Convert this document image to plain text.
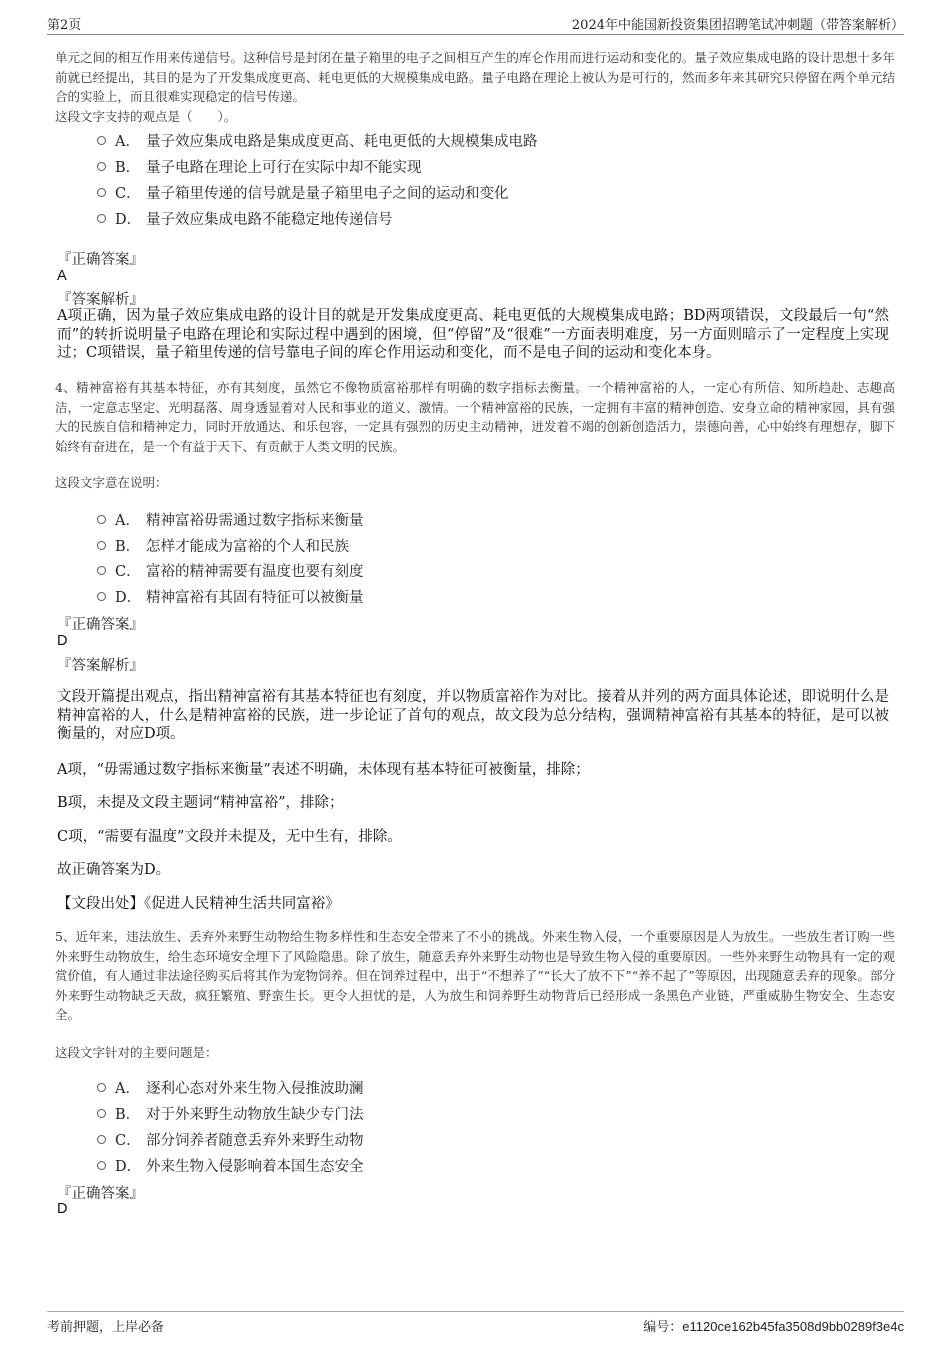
第2页	2024年中能国新投资集团招聘笔试冲刺题（带答案解析）
单元之间的相互作用来传递信号。这种信号是封闭在量子箱里的电子之间相互产生的库仑作用而进行运动和变化的。量子效应集成电路的设计思想十多年前就已经提出，其目的是为了开发集成度更高、耗电更低的大规模集成电路。量子电路在理论上被认为是可行的，然而多年来其研究只停留在两个单元结合的实验上，而且很难实现稳定的信号传递。
这段文字支持的观点是（　　）。
A． 量子效应集成电路是集成度更高、耗电更低的大规模集成电路
B． 量子电路在理论上可行在实际中却不能实现
C． 量子箱里传递的信号就是量子箱里电子之间的运动和变化
D． 量子效应集成电路不能稳定地传递信号
『正确答案』
A
『答案解析』
A项正确，因为量子效应集成电路的设计目的就是开发集成度更高、耗电更低的大规模集成电路；BD两项错误，文段最后一句“然而”的转折说明量子电路在理论和实际过程中遇到的困境，但“停留”及“很难”一方面表明难度，另一方面则暗示了一定程度上实现过；C项错误，量子箱里传递的信号靠电子间的库仑作用运动和变化，而不是电子间的运动和变化本身。
4、精神富裕有其基本特征，亦有其刻度，虽然它不像物质富裕那样有明确的数字指标去衡量。一个精神富裕的人，一定心有所信、知所趋赴、志趣高洁，一定意志坚定、光明磊落、周身透显着对人民和事业的道义、激情。一个精神富裕的民族，一定拥有丰富的精神创造、安身立命的精神家园，具有强大的民族自信和精神定力，同时开放通达、和乐包容，一定具有强烈的历史主动精神，迸发着不竭的创新创造活力，崇德向善，心中始终有理想存，脚下始终有奋进在，是一个有益于天下、有贡献于人类文明的民族。
这段文字意在说明：
A． 精神富裕毋需通过数字指标来衡量
B． 怎样才能成为富裕的个人和民族
C． 富裕的精神需要有温度也要有刻度
D． 精神富裕有其固有特征可以被衡量
『正确答案』
D
『答案解析』
文段开篇提出观点，指出精神富裕有其基本特征也有刻度，并以物质富裕作为对比。接着从并列的两方面具体论述，即说明什么是精神富裕的人，什么是精神富裕的民族，进一步论证了首句的观点，故文段为总分结构，强调精神富裕有其基本的特征，是可以被衡量的，对应D项。
A项，“毋需通过数字指标来衡量”表述不明确，未体现有基本特征可被衡量，排除；
B项，未提及文段主题词“精神富裕”，排除；
C项，“需要有温度”文段并未提及，无中生有，排除。
故正确答案为D。
【文段出处】《促进人民精神生活共同富裕》
5、近年来，违法放生、丢弃外来野生动物给生物多样性和生态安全带来了不小的挑战。外来生物入侵，一个重要原因是人为放生。一些放生者订购一些外来野生动物放生，给生态环境安全埋下了风险隐患。除了放生，随意丢弃外来野生动物也是导致生物入侵的重要原因。一些外来野生动物具有一定的观赏价值，有人通过非法途径购买后将其作为宠物饲养。但在饲养过程中，出于“不想养了”“长大了放不下”“养不起了”等原因，出现随意丢弃的现象。部分外来野生动物缺乏天敌，疯狂繁殖、野蛮生长。更令人担忧的是，人为放生和饲养野生动物背后已经形成一条黑色产业链，严重威胁生物安全、生态安全。
这段文字针对的主要问题是：
A． 逐利心态对外来生物入侵推波助澜
B． 对于外来野生动物放生缺少专门法
C． 部分饲养者随意丢弃外来野生动物
D． 外来生物入侵影响着本国生态安全
『正确答案』
D
考前押题，上岸必备	编号：e1120ce162b45fa3508d9bb0289f3e4c
